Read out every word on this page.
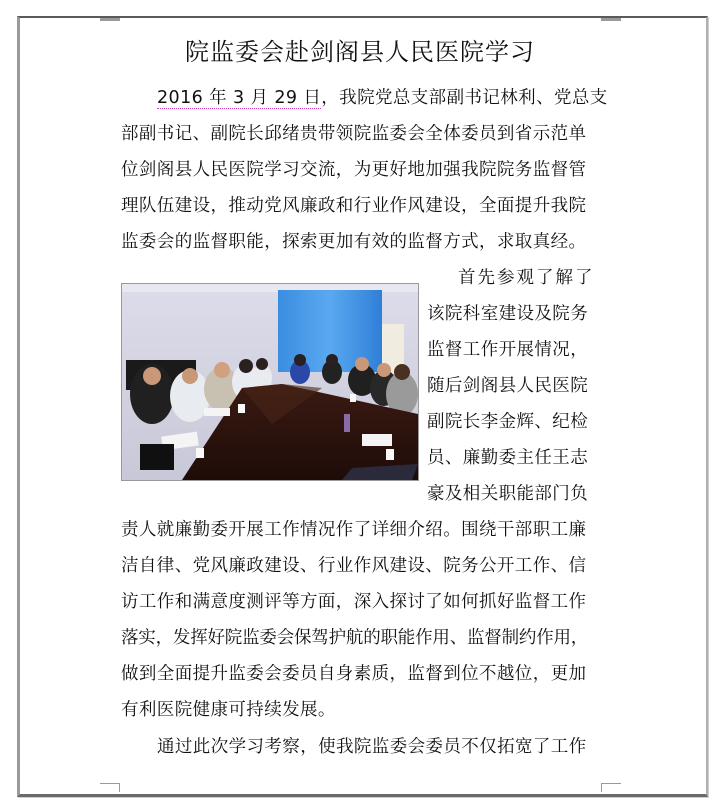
院监委会赴剑阁县人民医院学习
2016 年 3 月 29 日，我院党总支部副书记林利、党总支
部副书记、副院长邱绪贵带领院监委会全体委员到省示范单
位剑阁县人民医院学习交流，为更好地加强我院院务监督管
理队伍建设，推动党风廉政和行业作风建设，全面提升我院
监委会的监督职能，探索更加有效的监督方式，求取真经。
首先参观了解了
该院科室建设及院务
监督工作开展情况，
随后剑阁县人民医院
副院长李金辉、纪检
员、廉勤委主任王志
豪及相关职能部门负
责人就廉勤委开展工作情况作了详细介绍。围绕干部职工廉
洁自律、党风廉政建设、行业作风建设、院务公开工作、信
访工作和满意度测评等方面，深入探讨了如何抓好监督工作
落实，发挥好院监委会保驾护航的职能作用、监督制约作用，
做到全面提升监委会委员自身素质，监督到位不越位，更加
有利医院健康可持续发展。
通过此次学习考察，使我院监委会委员不仅拓宽了工作
